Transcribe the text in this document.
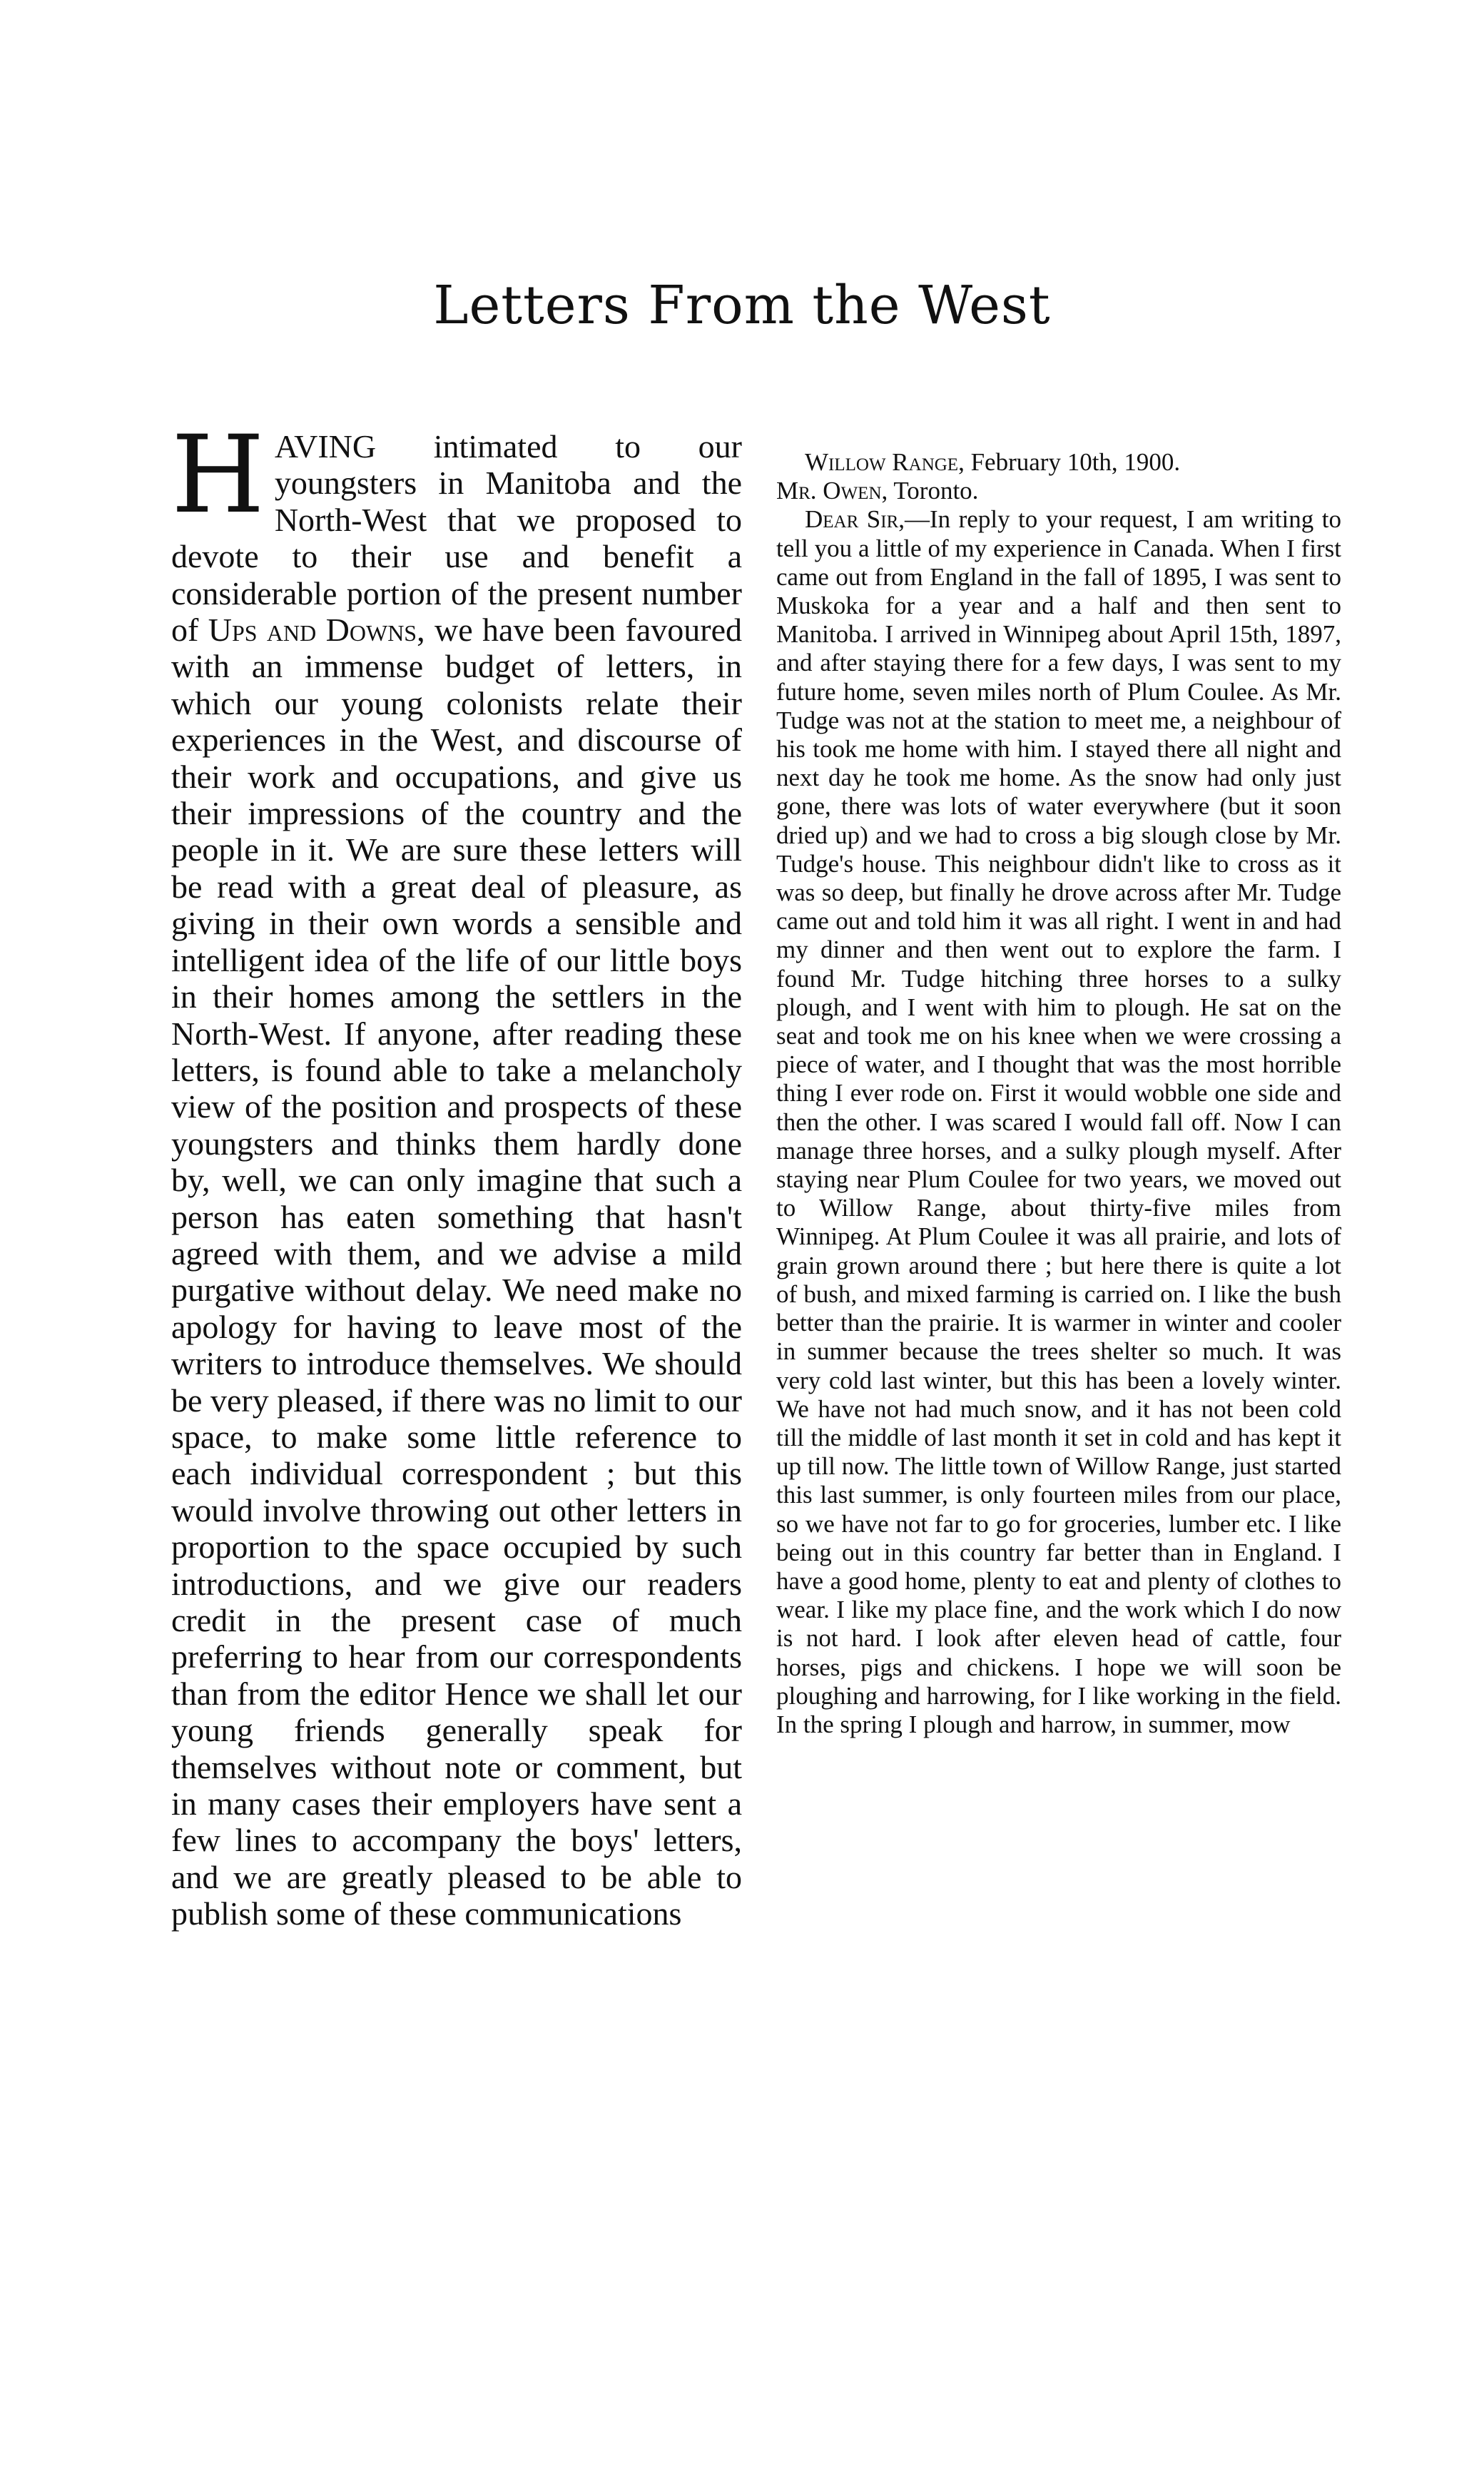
Letters From the West

HAVING intimated to our youngsters in Manitoba and the North-West that we proposed to devote to their use and benefit a considerable portion of the present number of Ups and Downs, we have been favoured with an immense budget of letters, in which our young colonists relate their experiences in the West, and discourse of their work and occupations, and give us their impressions of the country and the people in it. We are sure these letters will be read with a great deal of pleasure, as giving in their own words a sensible and intelligent idea of the life of our little boys in their homes among the settlers in the North-West. If anyone, after reading these letters, is found able to take a melancholy view of the position and prospects of these youngsters and thinks them hardly done by, well, we can only imagine that such a person has eaten something that hasn't agreed with them, and we advise a mild purgative without delay. We need make no apology for having to leave most of the writers to introduce themselves. We should be very pleased, if there was no limit to our space, to make some little reference to each individual correspondent ; but this would involve throwing out other letters in proportion to the space occupied by such introductions, and we give our readers credit in the present case of much preferring to hear from our correspondents than from the editor Hence we shall let our young friends generally speak for themselves without note or comment, but in many cases their employers have sent a few lines to accompany the boys' letters, and we are greatly pleased to be able to publish some of these communications

Willow Range, February 10th, 1900.

Mr. Owen, Toronto.

Dear Sir,—In reply to your request, I am writing to tell you a little of my experience in Canada. When I first came out from England in the fall of 1895, I was sent to Muskoka for a year and a half and then sent to Manitoba. I arrived in Winnipeg about April 15th, 1897, and after staying there for a few days, I was sent to my future home, seven miles north of Plum Coulee. As Mr. Tudge was not at the station to meet me, a neighbour of his took me home with him. I stayed there all night and next day he took me home. As the snow had only just gone, there was lots of water everywhere (but it soon dried up) and we had to cross a big slough close by Mr. Tudge's house. This neighbour didn't like to cross as it was so deep, but finally he drove across after Mr. Tudge came out and told him it was all right. I went in and had my dinner and then went out to explore the farm. I found Mr. Tudge hitching three horses to a sulky plough, and I went with him to plough. He sat on the seat and took me on his knee when we were crossing a piece of water, and I thought that was the most horrible thing I ever rode on. First it would wobble one side and then the other. I was scared I would fall off. Now I can manage three horses, and a sulky plough myself. After staying near Plum Coulee for two years, we moved out to Willow Range, about thirty-five miles from Winnipeg. At Plum Coulee it was all prairie, and lots of grain grown around there ; but here there is quite a lot of bush, and mixed farming is carried on. I like the bush better than the prairie. It is warmer in winter and cooler in summer because the trees shelter so much. It was very cold last winter, but this has been a lovely winter. We have not had much snow, and it has not been cold till the middle of last month it set in cold and has kept it up till now. The little town of Willow Range, just started this last summer, is only fourteen miles from our place, so we have not far to go for groceries, lumber etc. I like being out in this country far better than in England. I have a good home, plenty to eat and plenty of clothes to wear. I like my place fine, and the work which I do now is not hard. I look after eleven head of cattle, four horses, pigs and chickens. I hope we will soon be ploughing and harrowing, for I like working in the field. In the spring I plough and harrow, in summer, mow
